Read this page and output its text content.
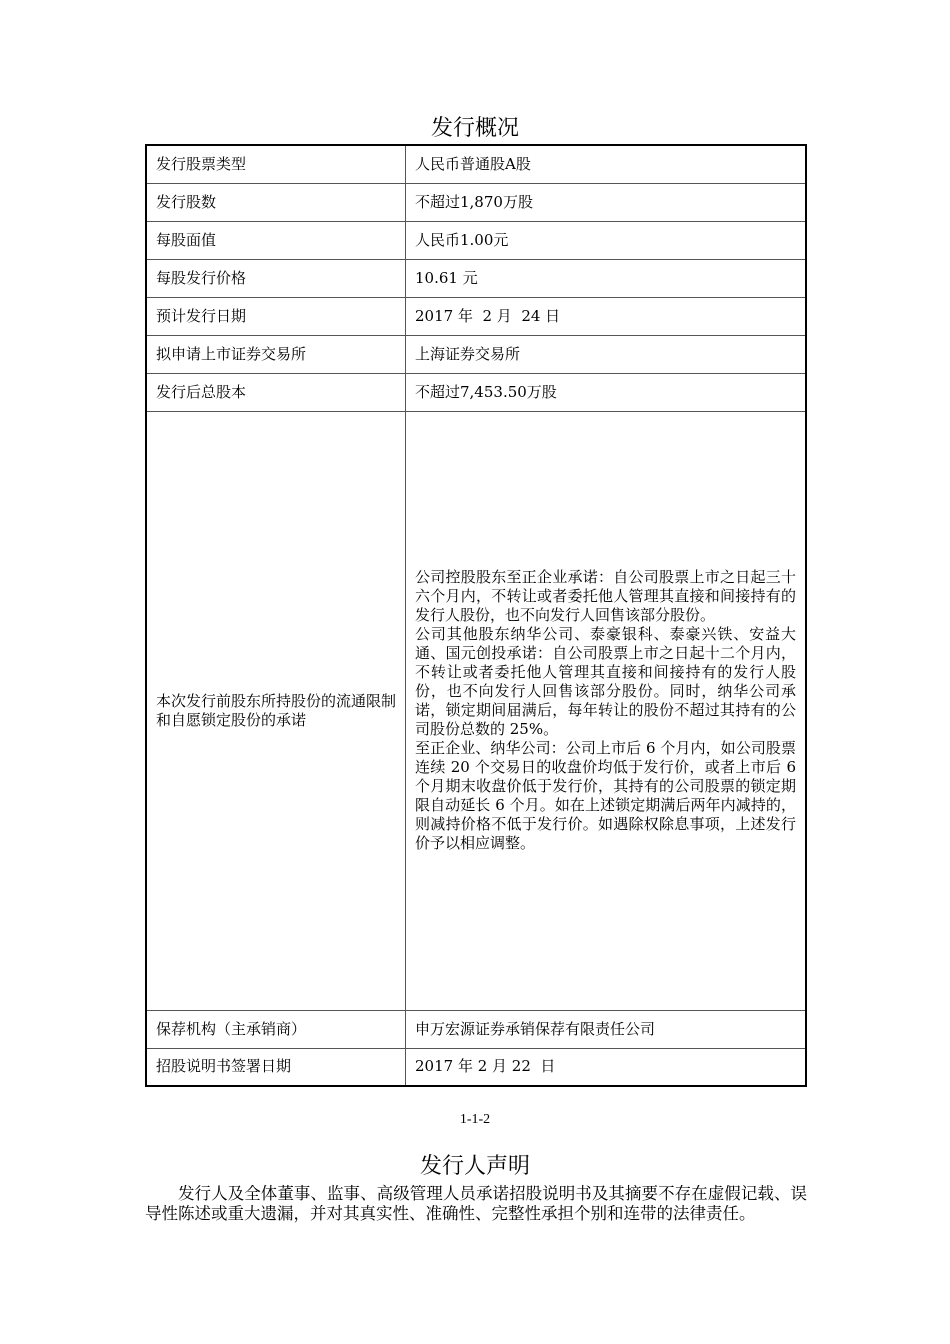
发行概况
发行股票类型	人民币普通股A股
发行股数	不超过1,870万股
每股面值	人民币1.00元
每股发行价格	10.61 元
预计发行日期	2017 年  2 月  24 日
拟申请上市证券交易所	上海证券交易所
发行后总股本	不超过7,453.50万股
本次发行前股东所持股份的流通限制和自愿锁定股份的承诺	公司控股股东至正企业承诺：自公司股票上市之日起三十六个月内，不转让或者委托他人管理其直接和间接持有的发行人股份，也不向发行人回售该部分股份。
公司其他股东纳华公司、泰豪银科、泰豪兴铁、安益大通、国元创投承诺：自公司股票上市之日起十二个月内，不转让或者委托他人管理其直接和间接持有的发行人股份，也不向发行人回售该部分股份。同时，纳华公司承诺，锁定期间届满后，每年转让的股份不超过其持有的公司股份总数的 25%。
至正企业、纳华公司：公司上市后 6 个月内，如公司股票连续 20 个交易日的收盘价均低于发行价，或者上市后 6 个月期末收盘价低于发行价，其持有的公司股票的锁定期限自动延长 6 个月。如在上述锁定期满后两年内减持的，则减持价格不低于发行价。如遇除权除息事项，上述发行价予以相应调整。

保荐机构（主承销商）	申万宏源证券承销保荐有限责任公司
招股说明书签署日期	2017 年 2 月 22  日
1-1-2
发行人声明

发行人及全体董事、监事、高级管理人员承诺招股说明书及其摘要不存在虚假记载、误导性陈述或重大遗漏，并对其真实性、准确性、完整性承担个别和连带的法律责任。
